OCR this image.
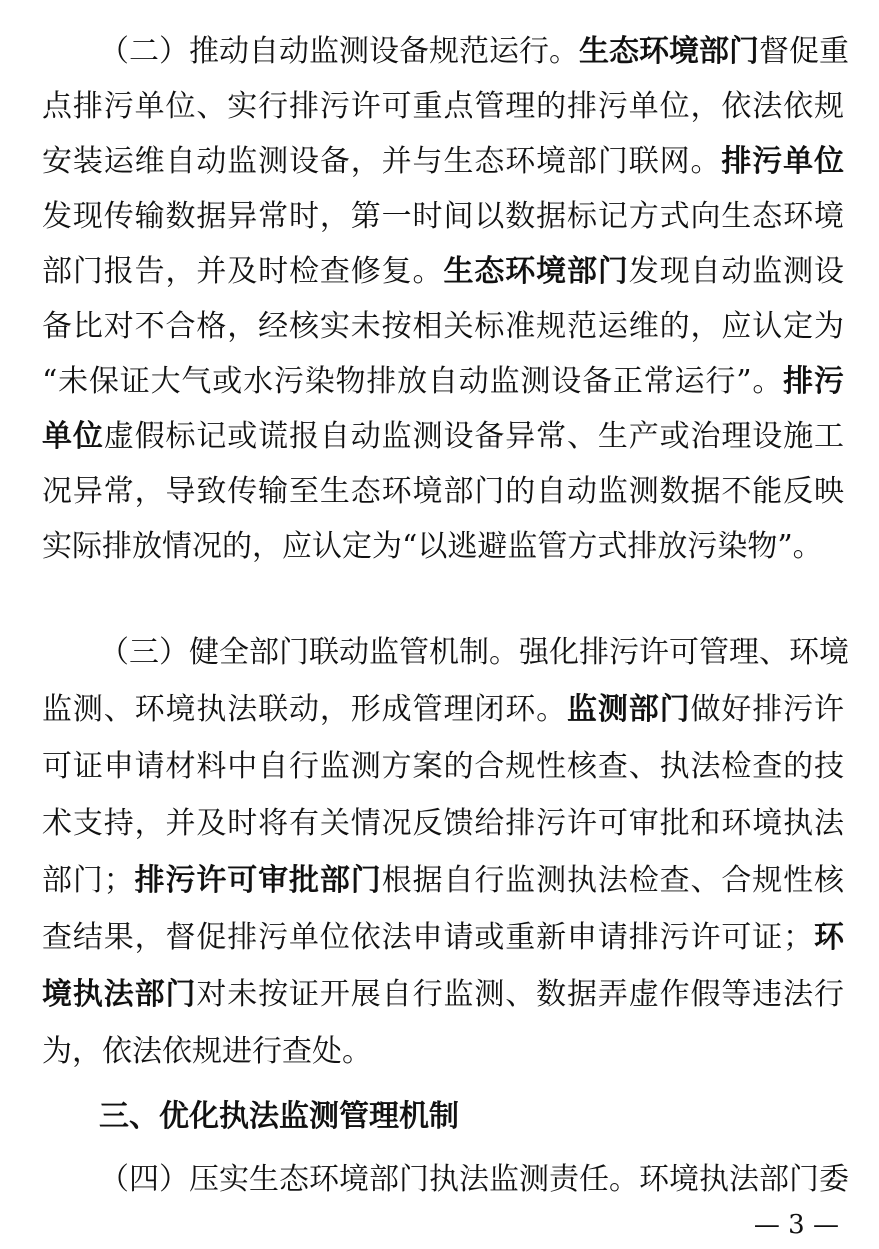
（二）推动自动监测设备规范运行。生态环境部门督促重
点排污单位、实行排污许可重点管理的排污单位，依法依规
安装运维自动监测设备，并与生态环境部门联网。排污单位
发现传输数据异常时，第一时间以数据标记方式向生态环境
部门报告，并及时检查修复。生态环境部门发现自动监测设
备比对不合格，经核实未按相关标准规范运维的，应认定为
“未保证大气或水污染物排放自动监测设备正常运行”。排污
单位虚假标记或谎报自动监测设备异常、生产或治理设施工
况异常，导致传输至生态环境部门的自动监测数据不能反映
实际排放情况的，应认定为“以逃避监管方式排放污染物”。
（三）健全部门联动监管机制。强化排污许可管理、环境
监测、环境执法联动，形成管理闭环。监测部门做好排污许
可证申请材料中自行监测方案的合规性核查、执法检查的技
术支持，并及时将有关情况反馈给排污许可审批和环境执法
部门；排污许可审批部门根据自行监测执法检查、合规性核
查结果，督促排污单位依法申请或重新申请排污许可证；环
境执法部门对未按证开展自行监测、数据弄虚作假等违法行
为，依法依规进行查处。
三、优化执法监测管理机制
（四）压实生态环境部门执法监测责任。环境执法部门委
— 3 —
